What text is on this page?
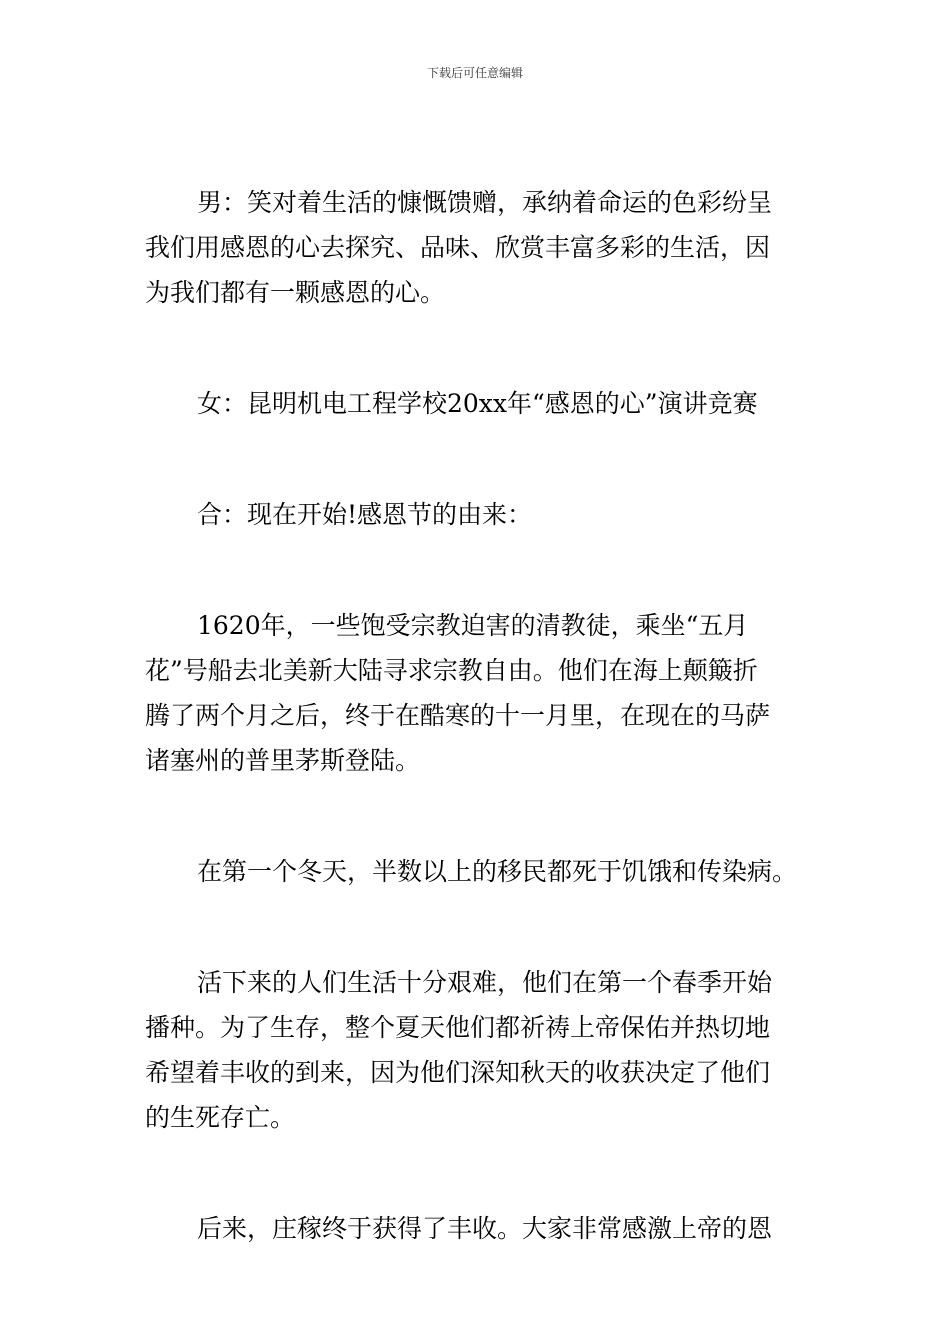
下载后可任意编辑

男：笑对着生活的慷慨馈赠，承纳着命运的色彩纷呈
我们用感恩的心去探究、品味、欣赏丰富多彩的生活，因
为我们都有一颗感恩的心。

女：昆明机电工程学校20xx年“感恩的心”演讲竞赛

合：现在开始!感恩节的由来：

1620年，一些饱受宗教迫害的清教徒，乘坐“五月
花”号船去北美新大陆寻求宗教自由。他们在海上颠簸折
腾了两个月之后，终于在酷寒的十一月里，在现在的马萨
诸塞州的普里茅斯登陆。

在第一个冬天，半数以上的移民都死于饥饿和传染病。

活下来的人们生活十分艰难，他们在第一个春季开始
播种。为了生存，整个夏天他们都祈祷上帝保佑并热切地
希望着丰收的到来，因为他们深知秋天的收获决定了他们
的生死存亡。

后来，庄稼终于获得了丰收。大家非常感激上帝的恩
